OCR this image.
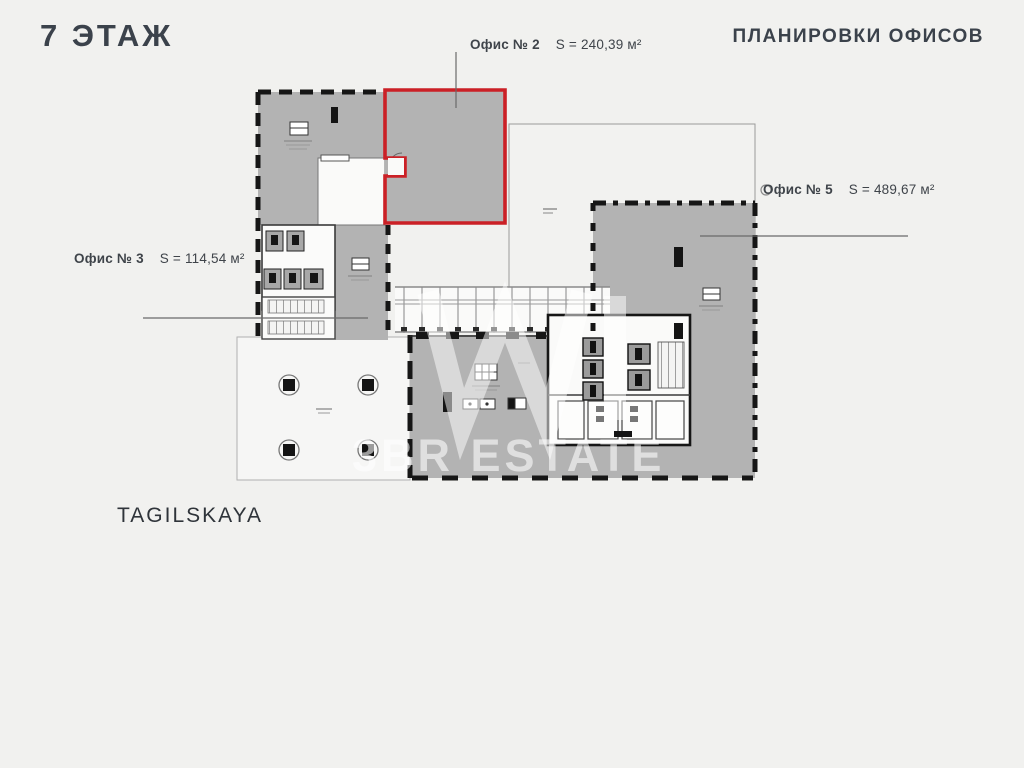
7 ЭТАЖ	ПЛАНИРОВКИ ОФИСОВ
Офис № 2 S = 240,39 м²
Офис № 3 S = 114,54 м²
Офис № 5 S = 489,67 м²
TAGILSKAYA
3BR ESTATE
